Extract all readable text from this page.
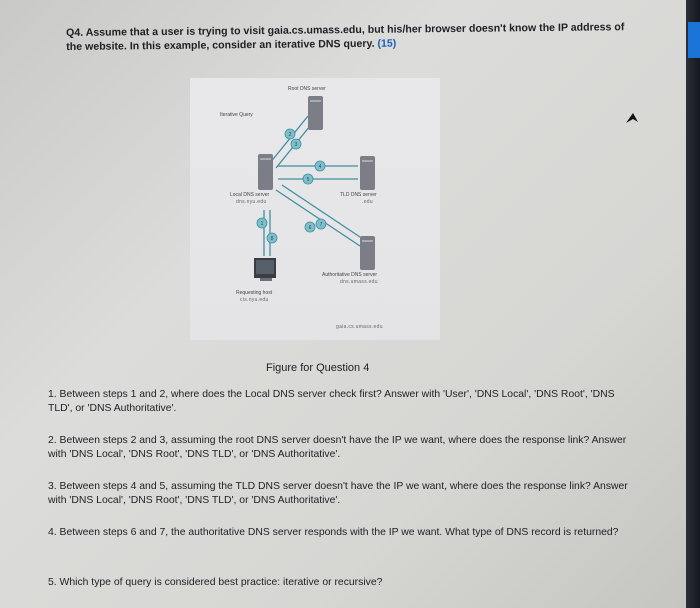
Q4. Assume that a user is trying to visit gaia.cs.umass.edu, but his/her browser doesn't know the IP address of the website. In this example, consider an iterative DNS query. (15)
2
3
4
5
6 7
1
8
Root DNS server
Iterative Query
Local DNS server
dns.nyu.edu
TLD DNS server
.edu
Authoritative DNS server
dns.umass.edu
Requesting host
cis.nyu.edu
gaia.cs.umass.edu
Figure for Question 4
1. Between steps 1 and 2, where does the Local DNS server check first? Answer with 'User', 'DNS Local', 'DNS Root', 'DNS TLD', or 'DNS Authoritative'.
2. Between steps 2 and 3, assuming the root DNS server doesn't have the IP we want, where does the response link? Answer with 'DNS Local', 'DNS Root', 'DNS TLD', or 'DNS Authoritative'.
3. Between steps 4 and 5, assuming the TLD DNS server doesn't have the IP we want, where does the response link? Answer with 'DNS Local', 'DNS Root', 'DNS TLD', or 'DNS Authoritative'.
4. Between steps 6 and 7, the authoritative DNS server responds with the IP we want. What type of DNS record is returned?
5. Which type of query is considered best practice: iterative or recursive?
